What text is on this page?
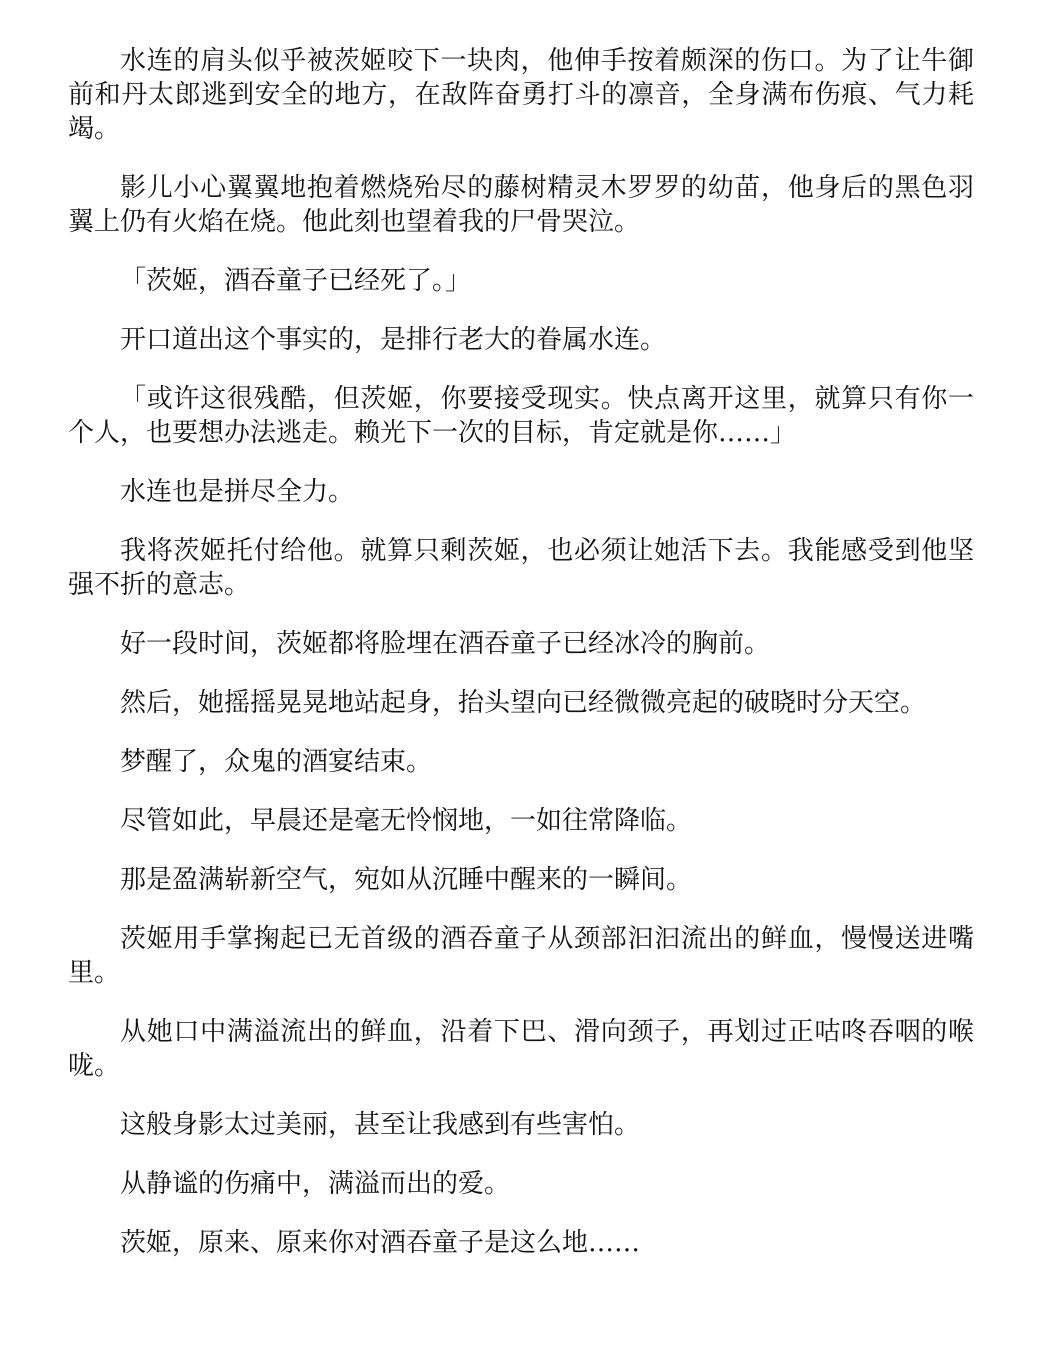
水连的肩头似乎被茨姬咬下一块肉，他伸手按着颇深的伤口。为了让牛御前和丹太郎逃到安全的地方，在敌阵奋勇打斗的凛音，全身满布伤痕、气力耗竭。

影儿小心翼翼地抱着燃烧殆尽的藤树精灵木罗罗的幼苗，他身后的黑色羽翼上仍有火焰在烧。他此刻也望着我的尸骨哭泣。

「茨姬，酒吞童子已经死了。」

开口道出这个事实的，是排行老大的眷属水连。

「或许这很残酷，但茨姬，你要接受现实。快点离开这里，就算只有你一个人，也要想办法逃走。赖光下一次的目标，肯定就是你……」

水连也是拼尽全力。

我将茨姬托付给他。就算只剩茨姬，也必须让她活下去。我能感受到他坚强不折的意志。

好一段时间，茨姬都将脸埋在酒吞童子已经冰冷的胸前。

然后，她摇摇晃晃地站起身，抬头望向已经微微亮起的破晓时分天空。

梦醒了，众鬼的酒宴结束。

尽管如此，早晨还是毫无怜悯地，一如往常降临。

那是盈满崭新空气，宛如从沉睡中醒来的一瞬间。

茨姬用手掌掬起已无首级的酒吞童子从颈部汩汩流出的鲜血，慢慢送进嘴里。

从她口中满溢流出的鲜血，沿着下巴、滑向颈子，再划过正咕咚吞咽的喉咙。

这般身影太过美丽，甚至让我感到有些害怕。

从静谧的伤痛中，满溢而出的爱。

茨姬，原来、原来你对酒吞童子是这么地……
